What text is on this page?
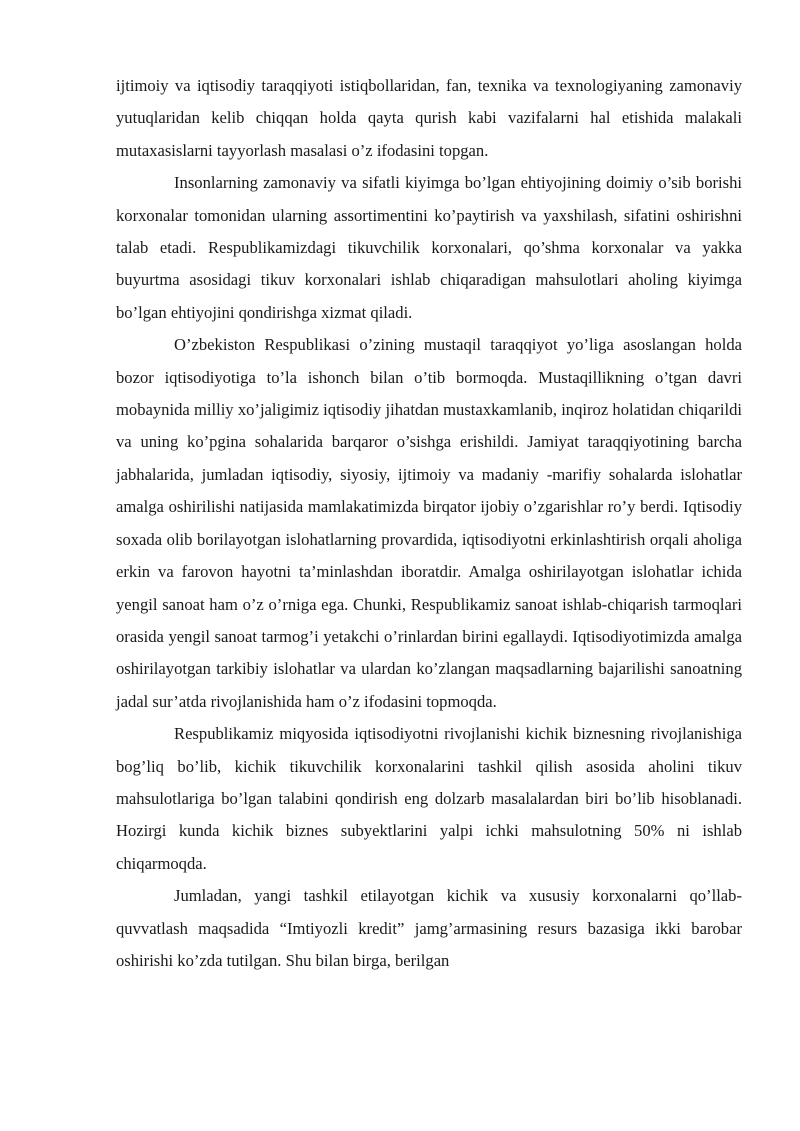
ijtimoiy va iqtisodiy taraqqiyoti istiqbollaridan, fan, texnika va texnologiyaning zamonaviy yutuqlaridan kelib chiqqan holda qayta qurish kabi vazifalarni hal etishida malakali mutaxasislarni tayyorlash masalasi o’z ifodasini topgan.

Insonlarning zamonaviy va sifatli kiyimga bo’lgan ehtiyojining doimiy o’sib borishi korxonalar tomonidan ularning assortimentini ko’paytirish va yaxshilash, sifatini oshirishni talab etadi. Respublikamizdagi tikuvchilik korxonalari, qo’shma korxonalar va yakka buyurtma asosidagi tikuv korxonalari ishlab chiqaradigan mahsulotlari aholing kiyimga bo’lgan ehtiyojini qondirishga xizmat qiladi.

O’zbekiston Respublikasi o’zining mustaqil taraqqiyot yo’liga asoslangan holda bozor iqtisodiyotiga to’la ishonch bilan o’tib bormoqda. Mustaqillikning o’tgan davri mobaynida milliy xo’jaligimiz iqtisodiy jihatdan mustaxkamlanib, inqiroz holatidan chiqarildi va uning ko’pgina sohalarida barqaror o’sishga erishildi. Jamiyat taraqqiyotining barcha jabhalarida, jumladan iqtisodiy, siyosiy, ijtimoiy va madaniy -marifiy sohalarda islohatlar amalga oshirilishi natijasida mamlakatimizda birqator ijobiy o’zgarishlar ro’y berdi. Iqtisodiy soxada olib borilayotgan islohatlarning provardida, iqtisodiyotni erkinlashtirish orqali aholiga erkin va farovon hayotni ta’minlashdan iboratdir. Amalga oshirilayotgan islohatlar ichida yengil sanoat ham o’z o’rniga ega. Chunki, Respublikamiz sanoat ishlab-chiqarish tarmoqlari orasida yengil sanoat tarmog’i yetakchi o’rinlardan birini egallaydi. Iqtisodiyotimizda amalga oshirilayotgan tarkibiy islohatlar va ulardan ko’zlangan maqsadlarning bajarilishi sanoatning jadal sur’atda rivojlanishida ham o’z ifodasini topmoqda.

Respublikamiz miqyosida iqtisodiyotni rivojlanishi kichik biznesning rivojlanishiga bog’liq bo’lib, kichik tikuvchilik korxonalarini tashkil qilish asosida aholini tikuv mahsulotlariga bo’lgan talabini qondirish eng dolzarb masalalardan biri bo’lib hisoblanadi. Hozirgi kunda kichik biznes subyektlarini yalpi ichki mahsulotning 50% ni ishlab chiqarmoqda.

Jumladan, yangi tashkil etilayotgan kichik va xususiy korxonalarni qo’llab-quvvatlash maqsadida “Imtiyozli kredit” jamg’armasining resurs bazasiga ikki barobar oshirishi ko’zda tutilgan. Shu bilan birga, berilgan
